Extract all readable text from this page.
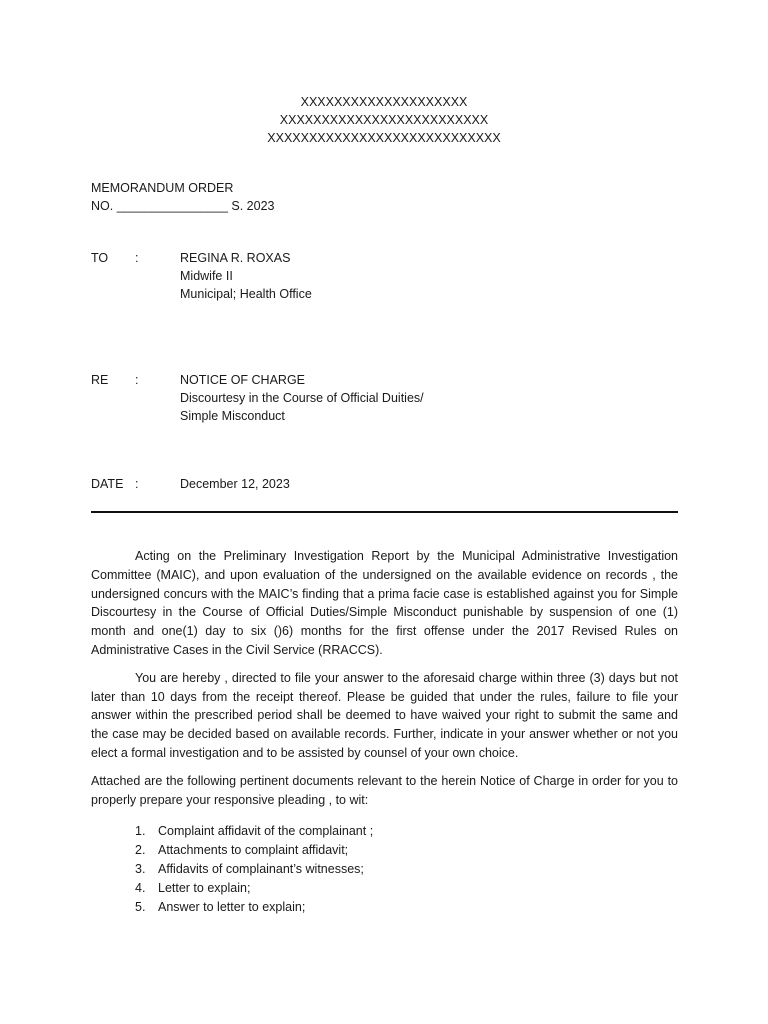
XXXXXXXXXXXXXXXXXXXX
XXXXXXXXXXXXXXXXXXXXXXXXX
XXXXXXXXXXXXXXXXXXXXXXXXXXXX
MEMORANDUM ORDER
NO. ________________ S. 2023
TO :	REGINA R. ROXAS
Midwife II
Municipal; Health Office
RE :	NOTICE OF CHARGE
Discourtesy in the Course of Official Duities/
Simple Misconduct
DATE :	December 12, 2023

Acting on the Preliminary Investigation Report by the Municipal Administrative Investigation Committee (MAIC), and upon evaluation of the undersigned on the available evidence on records , the undersigned concurs with the MAIC’s finding that a prima facie case is established against you for Simple Discourtesy in the Course of Official Duties/Simple Misconduct punishable by suspension of one (1) month and one(1) day to six ()6) months for the first offense under the 2017 Revised Rules on Administrative Cases in the Civil Service (RRACCS).

You are hereby , directed to file your answer to the aforesaid charge within three (3) days but not later than 10 days from the receipt thereof. Please be guided that under the rules, failure to file your answer within the prescribed period shall be deemed to have waived your right to submit the same and the case may be decided based on available records. Further, indicate in your answer whether or not you elect a formal investigation and to be assisted by counsel of your own choice.

Attached are the following pertinent documents relevant to the herein Notice of Charge in order for you to properly prepare your responsive pleading , to wit:

1. Complaint affidavit of the complainant ;
2. Attachments to complaint affidavit;
3. Affidavits of complainant’s witnesses;
4. Letter to explain;
5. Answer to letter to explain;
